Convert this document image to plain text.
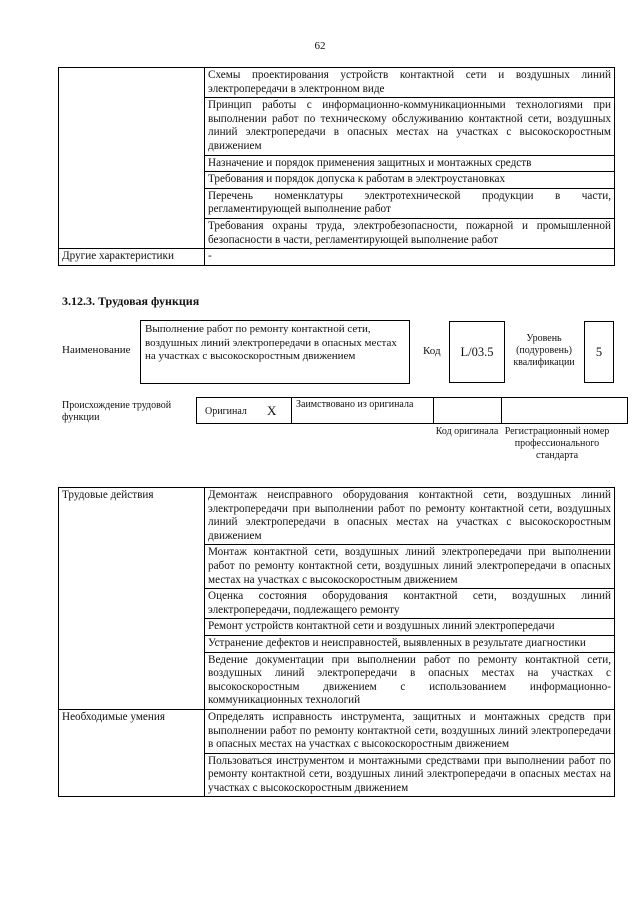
62
	Схемы проектирования устройств контактной сети и воздушных линий электропередачи в электронном виде
	Принцип работы с информационно-коммуникационными технологиями при выполнении работ по техническому обслуживанию контактной сети, воздушных линий электропередачи в опасных местах на участках с высокоскоростным движением
	Назначение и порядок применения защитных и монтажных средств
	Требования и порядок допуска к работам в электроустановках
	Перечень номенклатуры электротехнической продукции в части, регламентирующей выполнение работ
	Требования охраны труда, электробезопасности, пожарной и промышленной безопасности в части, регламентирующей выполнение работ
Другие характеристики	-
3.12.3. Трудовая функция
Наименование
Выполнение работ по ремонту контактной сети, воздушных линий электропередачи в опасных местах на участках с высокоскоростным движением	Код	L/03.5
Уровень (подуровень) квалификации
5
Происхождение трудовой функции
Оригинал X Заимствовано из оригинала
Код оригинала Регистрационный номер профессионального стандарта
Трудовые действия	Демонтаж неисправного оборудования контактной сети, воздушных линий электропередачи при выполнении работ по ремонту контактной сети, воздушных линий электропередачи в опасных местах на участках с высокоскоростным движением
	Монтаж контактной сети, воздушных линий электропередачи при выполнении работ по ремонту контактной сети, воздушных линий электропередачи в опасных местах на участках с высокоскоростным движением
	Оценка состояния оборудования контактной сети, воздушных линий электропередачи, подлежащего ремонту
	Ремонт устройств контактной сети и воздушных линий электропередачи
	Устранение дефектов и неисправностей, выявленных в результате диагностики
	Ведение документации при выполнении работ по ремонту контактной сети, воздушных линий электропередачи в опасных местах на участках с высокоскоростным движением с использованием информационно-коммуникационных технологий
Необходимые умения	Определять исправность инструмента, защитных и монтажных средств при выполнении работ по ремонту контактной сети, воздушных линий электропередачи в опасных местах на участках с высокоскоростным движением
	Пользоваться инструментом и монтажными средствами при выполнении работ по ремонту контактной сети, воздушных линий электропередачи в опасных местах на участках с высокоскоростным движением
